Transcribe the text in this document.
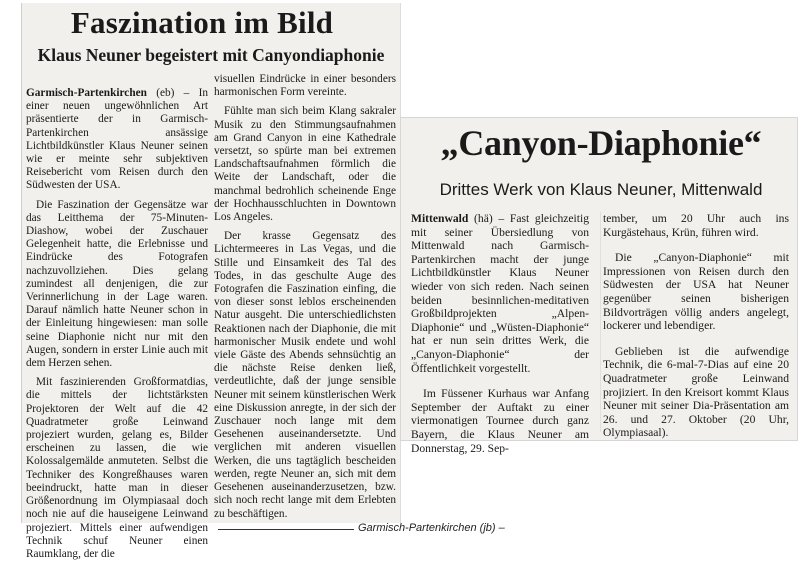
Faszination im Bild
Klaus Neuner begeistert mit Canyondiaphonie

Garmisch-Partenkirchen (eb) – In einer neuen ungewöhnlichen Art präsentierte der in Garmisch-Partenkirchen ansässige Lichtbildkünstler Klaus Neuner seinen wie er meinte sehr subjektiven Reisebericht vom Reisen durch den Südwesten der USA.

Die Faszination der Gegensätze war das Leitthema der 75-Minuten-Diashow, wobei der Zuschauer Gelegenheit hatte, die Erlebnisse und Eindrücke des Fotografen nachzuvollziehen. Dies gelang zumindest all denjenigen, die zur Verinnerlichung in der Lage waren. Darauf nämlich hatte Neuner schon in der Einleitung hingewiesen: man solle seine Diaphonie nicht nur mit den Augen, sondern in erster Linie auch mit dem Herzen sehen.

Mit faszinierenden Großformatdias, die mittels der lichtstärksten Projektoren der Welt auf die 42 Quadratmeter große Leinwand projeziert wurden, gelang es, Bilder erscheinen zu lassen, die wie Kolossalgemälde anmuteten. Selbst die Techniker des Kongreßhauses waren beeindruckt, hatte man in dieser Größenordnung im Olympiasaal doch noch nie auf die hauseigene Leinwand projeziert. Mittels einer aufwendigen Technik schuf Neuner einen Raumklang, der die

visuellen Eindrücke in einer besonders harmonischen Form vereinte.

Fühlte man sich beim Klang sakraler Musik zu den Stimmungsaufnahmen am Grand Canyon in eine Kathedrale versetzt, so spürte man bei extremen Landschaftsaufnahmen förmlich die Weite der Landschaft, oder die manchmal bedrohlich scheinende Enge der Hochhausschluchten in Downtown Los Angeles.

Der krasse Gegensatz des Lichtermeeres in Las Vegas, und die Stille und Einsamkeit des Tal des Todes, in das geschulte Auge des Fotografen die Faszination einfing, die von dieser sonst leblos erscheinenden Natur ausgeht. Die unterschiedlichsten Reaktionen nach der Diaphonie, die mit harmonischer Musik endete und wohl viele Gäste des Abends sehnsüchtig an die nächste Reise denken ließ, verdeutlichte, daß der junge sensible Neuner mit seinem künstlerischen Werk eine Diskussion anregte, in der sich der Zuschauer noch lange mit dem Gesehenen auseinandersetzte. Und verglichen mit anderen visuellen Werken, die uns tagtäglich bescheiden werden, regte Neuner an, sich mit dem Gesehenen auseinanderzusetzen, bzw. sich noch recht lange mit dem Erlebten zu beschäftigen.

„Canyon-Diaphonie“
Drittes Werk von Klaus Neuner, Mittenwald

Mittenwald (hä) – Fast gleichzeitig mit seiner Übersiedlung von Mittenwald nach Garmisch-Partenkirchen macht der junge Lichtbildkünstler Klaus Neuner wieder von sich reden. Nach seinen beiden besinnlichen-meditativen Großbildprojekten „Alpen-Diaphonie“ und „Wüsten-Diaphonie“ hat er nun sein drittes Werk, die „Canyon-Diaphonie“ der Öffentlichkeit vorgestellt.

Im Füssener Kurhaus war Anfang September der Auftakt zu einer viermonatigen Tournee durch ganz Bayern, die Klaus Neuner am Donnerstag, 29. Sep-

tember, um 20 Uhr auch ins Kurgästehaus, Krün, führen wird.

Die „Canyon-Diaphonie“ mit Impressionen von Reisen durch den Südwesten der USA hat Neuner gegenüber seinen bisherigen Bildvorträgen völlig anders angelegt, lockerer und lebendiger.

Geblieben ist die aufwendige Technik, die 6-mal-7-Dias auf eine 20 Quadratmeter große Leinwand projiziert. In den Kreisort kommt Klaus Neuner mit seiner Dia-Präsentation am 26. und 27. Oktober (20 Uhr, Olympiasaal).

Garmisch-Partenkirchen (jb) –
